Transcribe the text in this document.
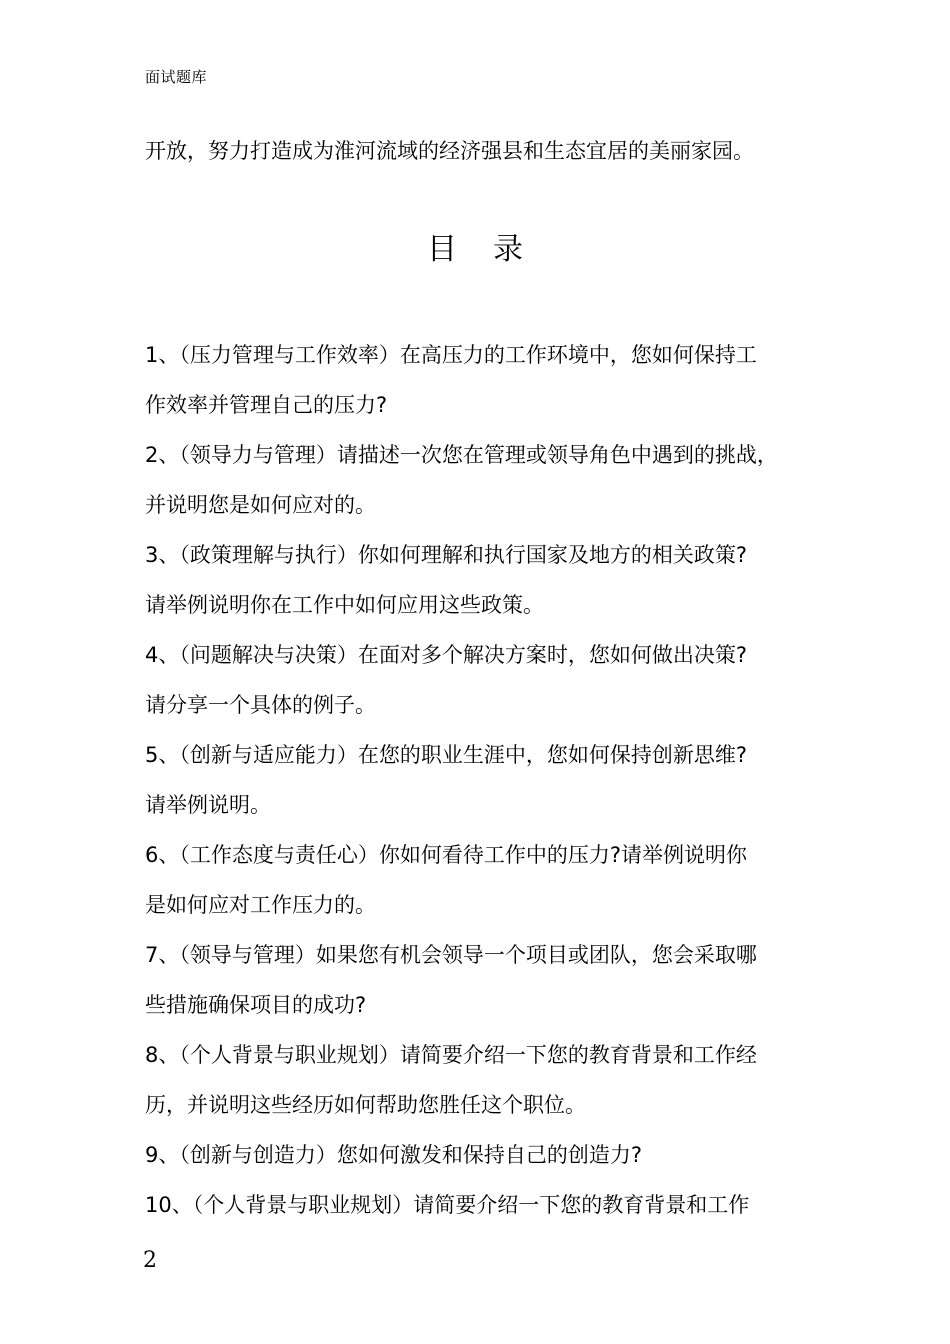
面试题库
开放，努力打造成为淮河流域的经济强县和生态宜居的美丽家园。
目录
1、（压力管理与工作效率）在高压力的工作环境中，您如何保持工
作效率并管理自己的压力?
2、（领导力与管理）请描述一次您在管理或领导角色中遇到的挑战，
并说明您是如何应对的。
3、（政策理解与执行）你如何理解和执行国家及地方的相关政策?
请举例说明你在工作中如何应用这些政策。
4、（问题解决与决策）在面对多个解决方案时，您如何做出决策?
请分享一个具体的例子。
5、（创新与适应能力）在您的职业生涯中，您如何保持创新思维?
请举例说明。
6、（工作态度与责任心）你如何看待工作中的压力?请举例说明你
是如何应对工作压力的。
7、（领导与管理）如果您有机会领导一个项目或团队，您会采取哪
些措施确保项目的成功?
8、（个人背景与职业规划）请简要介绍一下您的教育背景和工作经
历，并说明这些经历如何帮助您胜任这个职位。
9、（创新与创造力）您如何激发和保持自己的创造力?
10、（个人背景与职业规划）请简要介绍一下您的教育背景和工作
2
